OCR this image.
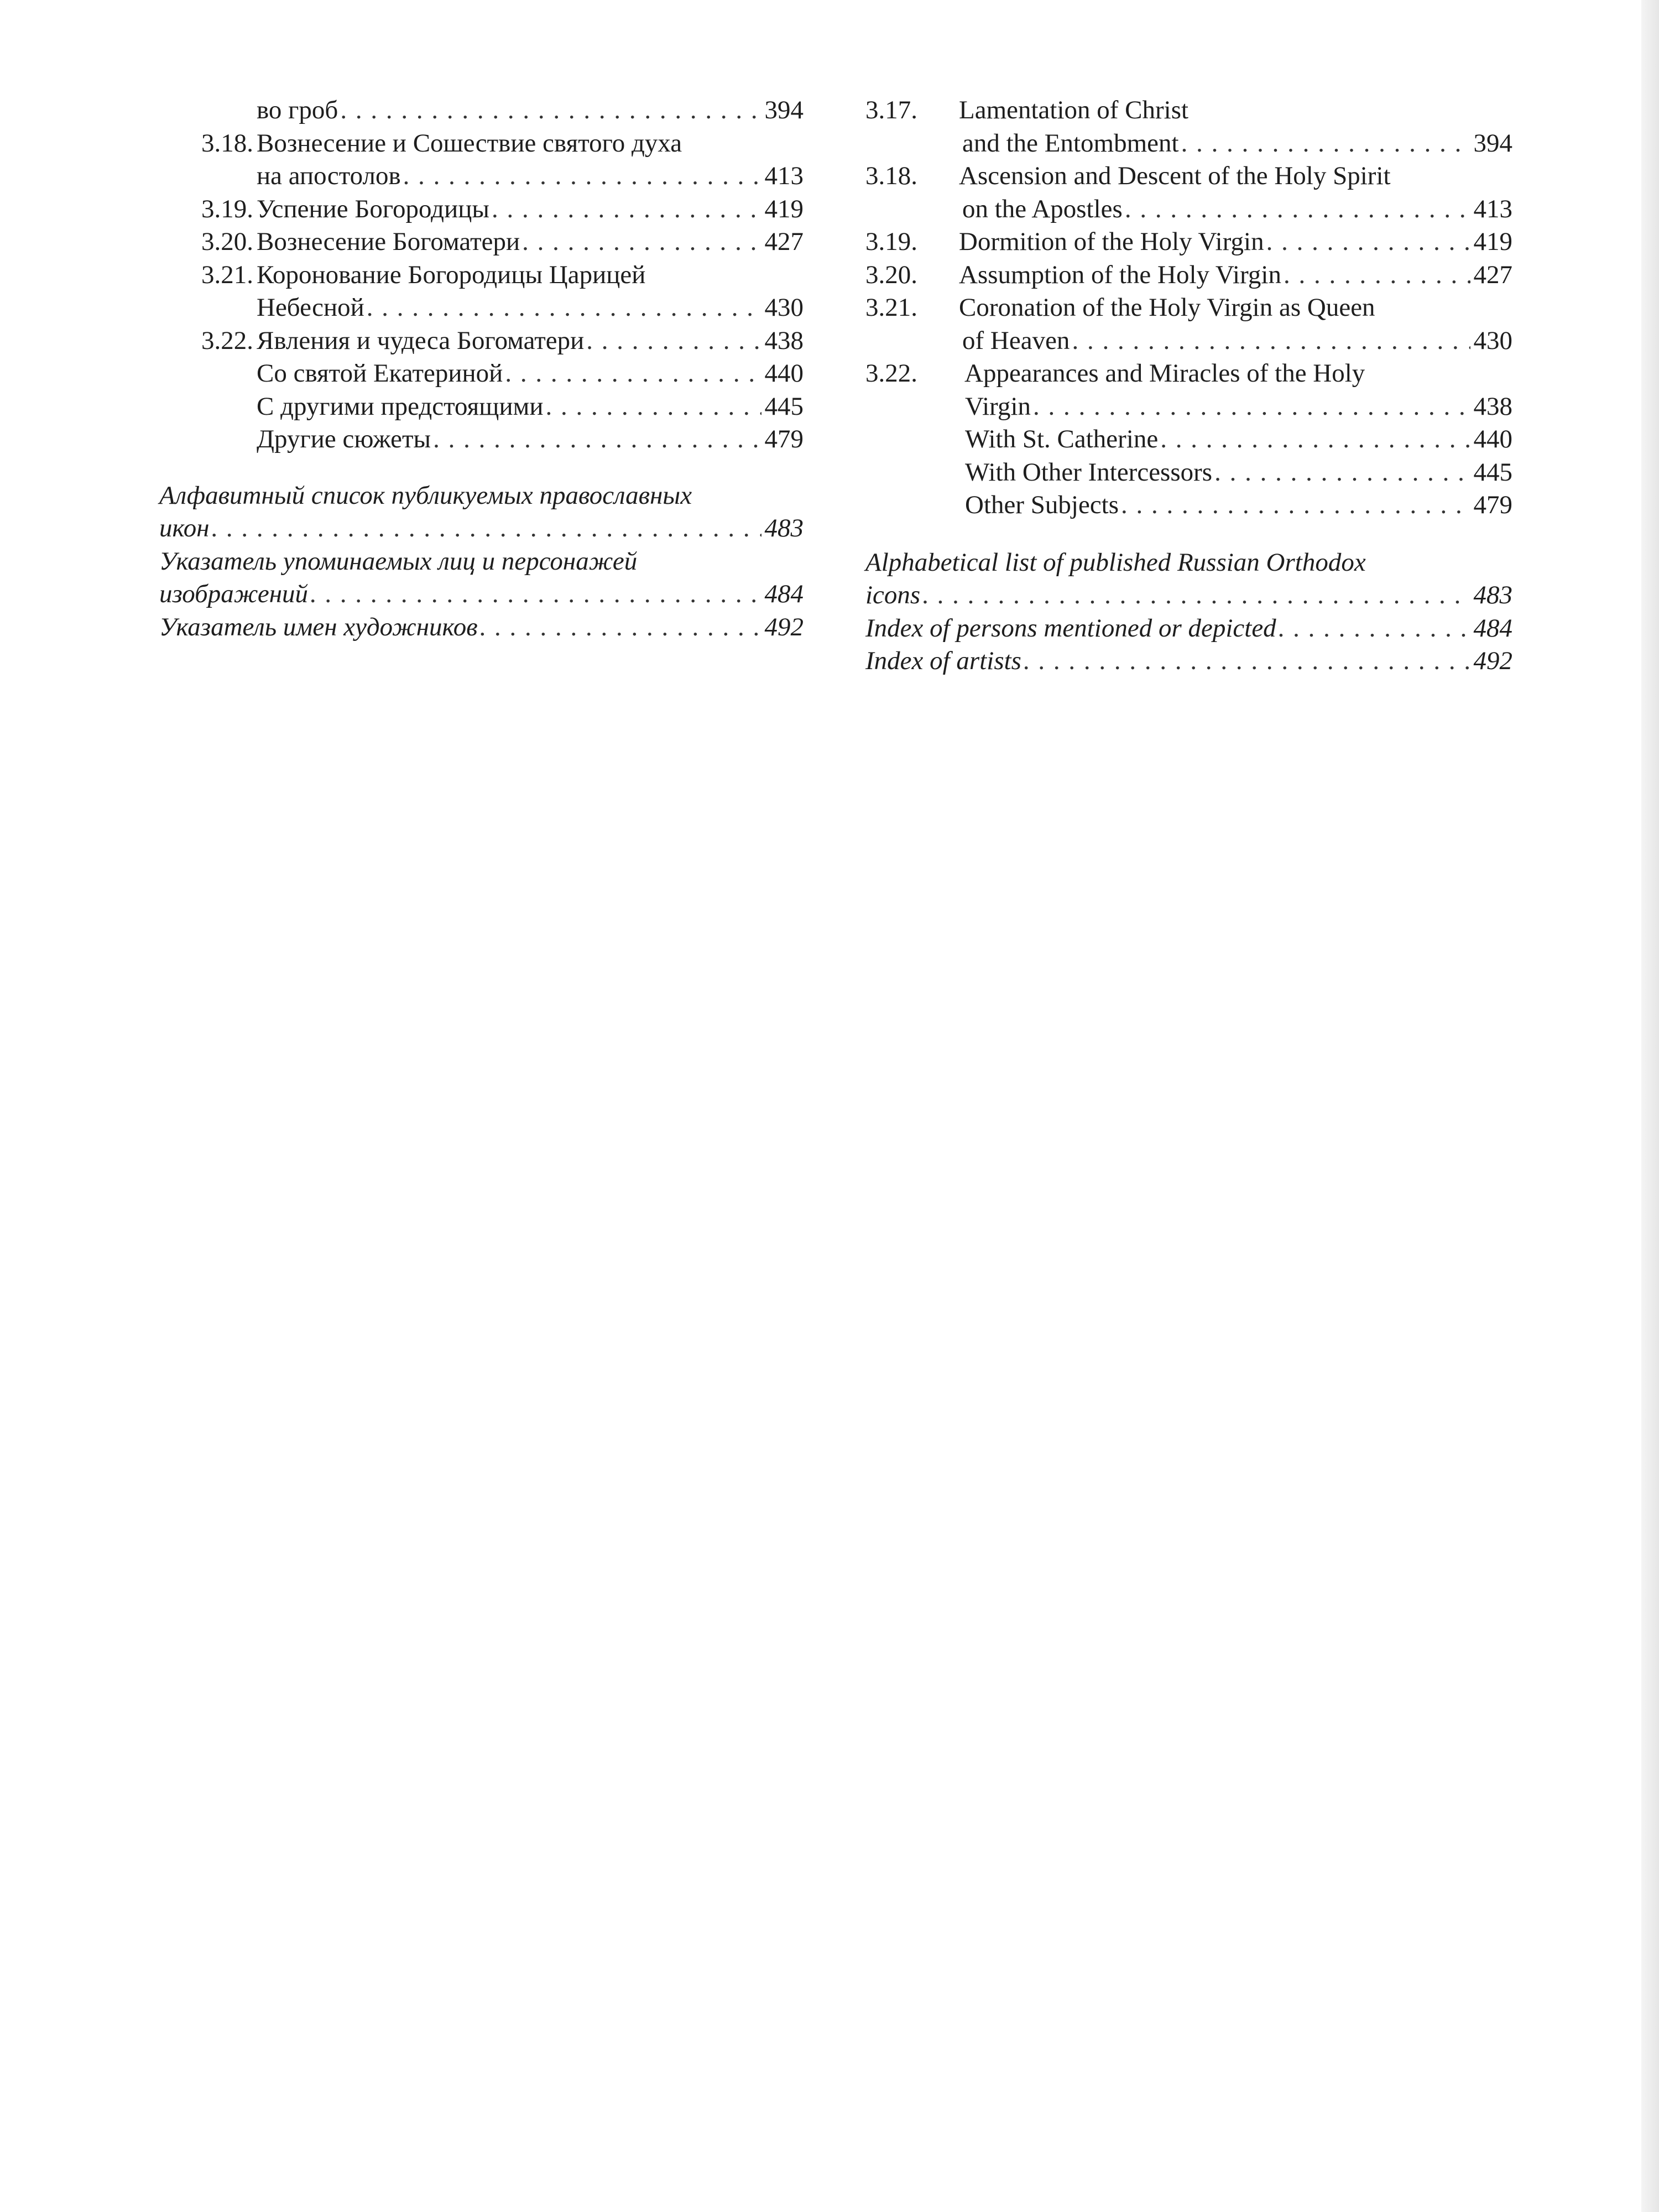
во гроб . . .	394
3.18. Вознесение и Сошествие святого духа
на апостолов . . .	413
3.19. Успение Богородицы . . .	419
3.20. Вознесение Богоматери . . .	427
3.21. Коронование Богородицы Царицей
Небесной . . .	430
3.22. Явления и чудеса Богоматери . . .	438
Со святой Екатериной . . .	440
С другими предстоящими . . .	445
Другие сюжеты . . .	479
Алфавитный список публикуемых православных
икон . . .	483
Указатель упоминаемых лиц и персонажей
изображений . . .	484
Указатель имен художников . . .	492
3.17.	Lamentation of Christ
and the Entombment . . .	394
3.18.	Ascension and Descent of the Holy Spirit
on the Apostles . . .	413
3.19.	Dormition of the Holy Virgin . . .	419
3.20.	Assumption of the Holy Virgin . . .	427
3.21.	Coronation of the Holy Virgin as Queen
of Heaven . . .	430
3.22.	Appearances and Miracles of the Holy
Virgin . . .	438
With St. Catherine . . .	440
With Other Intercessors . . .	445
Other Subjects . . .	479
Alphabetical list of published Russian Orthodox
icons . . .	483
Index of persons mentioned or depicted . . .	484
Index of artists . . .	492
